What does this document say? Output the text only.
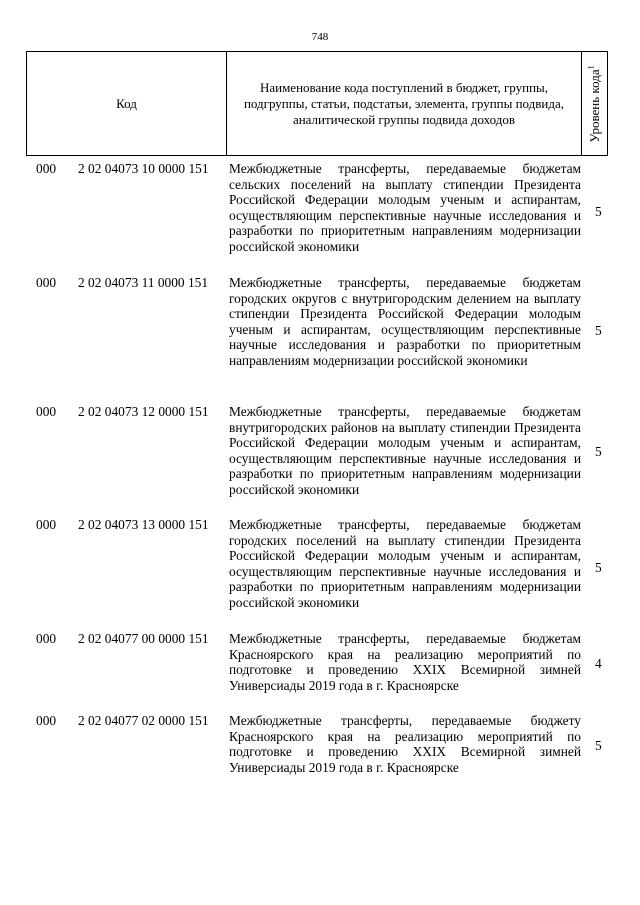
748
Код
Наименование кода поступлений в бюджет, группы, подгруппы, статьи, подстатьи, элемента, группы подвида, аналитической группы подвида доходов	Уровень кода$^1$
000 2 02 04073 10 0000 151 Межбюджетные трансферты, передаваемые бюджетам сельских поселений на выплату стипендии Президента Российской Федерации молодым ученым и аспирантам, осуществляющим перспективные научные исследования и разработки по приоритетным направлениям модернизации российской экономики
5
000 2 02 04073 11 0000 151 Межбюджетные трансферты, передаваемые бюджетам городских округов с внутригородским делением на выплату стипендии Президента Российской Федерации молодым ученым и аспирантам, осуществляющим перспективные научные исследования и разработки по приоритетным направлениям модернизации российской экономики
5
000 2 02 04073 12 0000 151 Межбюджетные трансферты, передаваемые бюджетам внутригородских районов на выплату стипендии Президента Российской Федерации молодым ученым и аспирантам, осуществляющим перспективные научные исследования и разработки по приоритетным направлениям модернизации российской экономики
5
000 2 02 04073 13 0000 151 Межбюджетные трансферты, передаваемые бюджетам городских поселений на выплату стипендии Президента Российской Федерации молодым ученым и аспирантам, осуществляющим перспективные научные исследования и разработки по приоритетным направлениям модернизации российской экономики
5
000 2 02 04077 00 0000 151 Межбюджетные трансферты, передаваемые бюджетам Красноярского края на реализацию мероприятий по подготовке и проведению XXIX Всемирной зимней Универсиады 2019 года в г. Красноярске
4
000 2 02 04077 02 0000 151 Межбюджетные трансферты, передаваемые бюджету Красноярского края на реализацию мероприятий по подготовке и проведению XXIX Всемирной зимней Универсиады 2019 года в г. Красноярске
5
